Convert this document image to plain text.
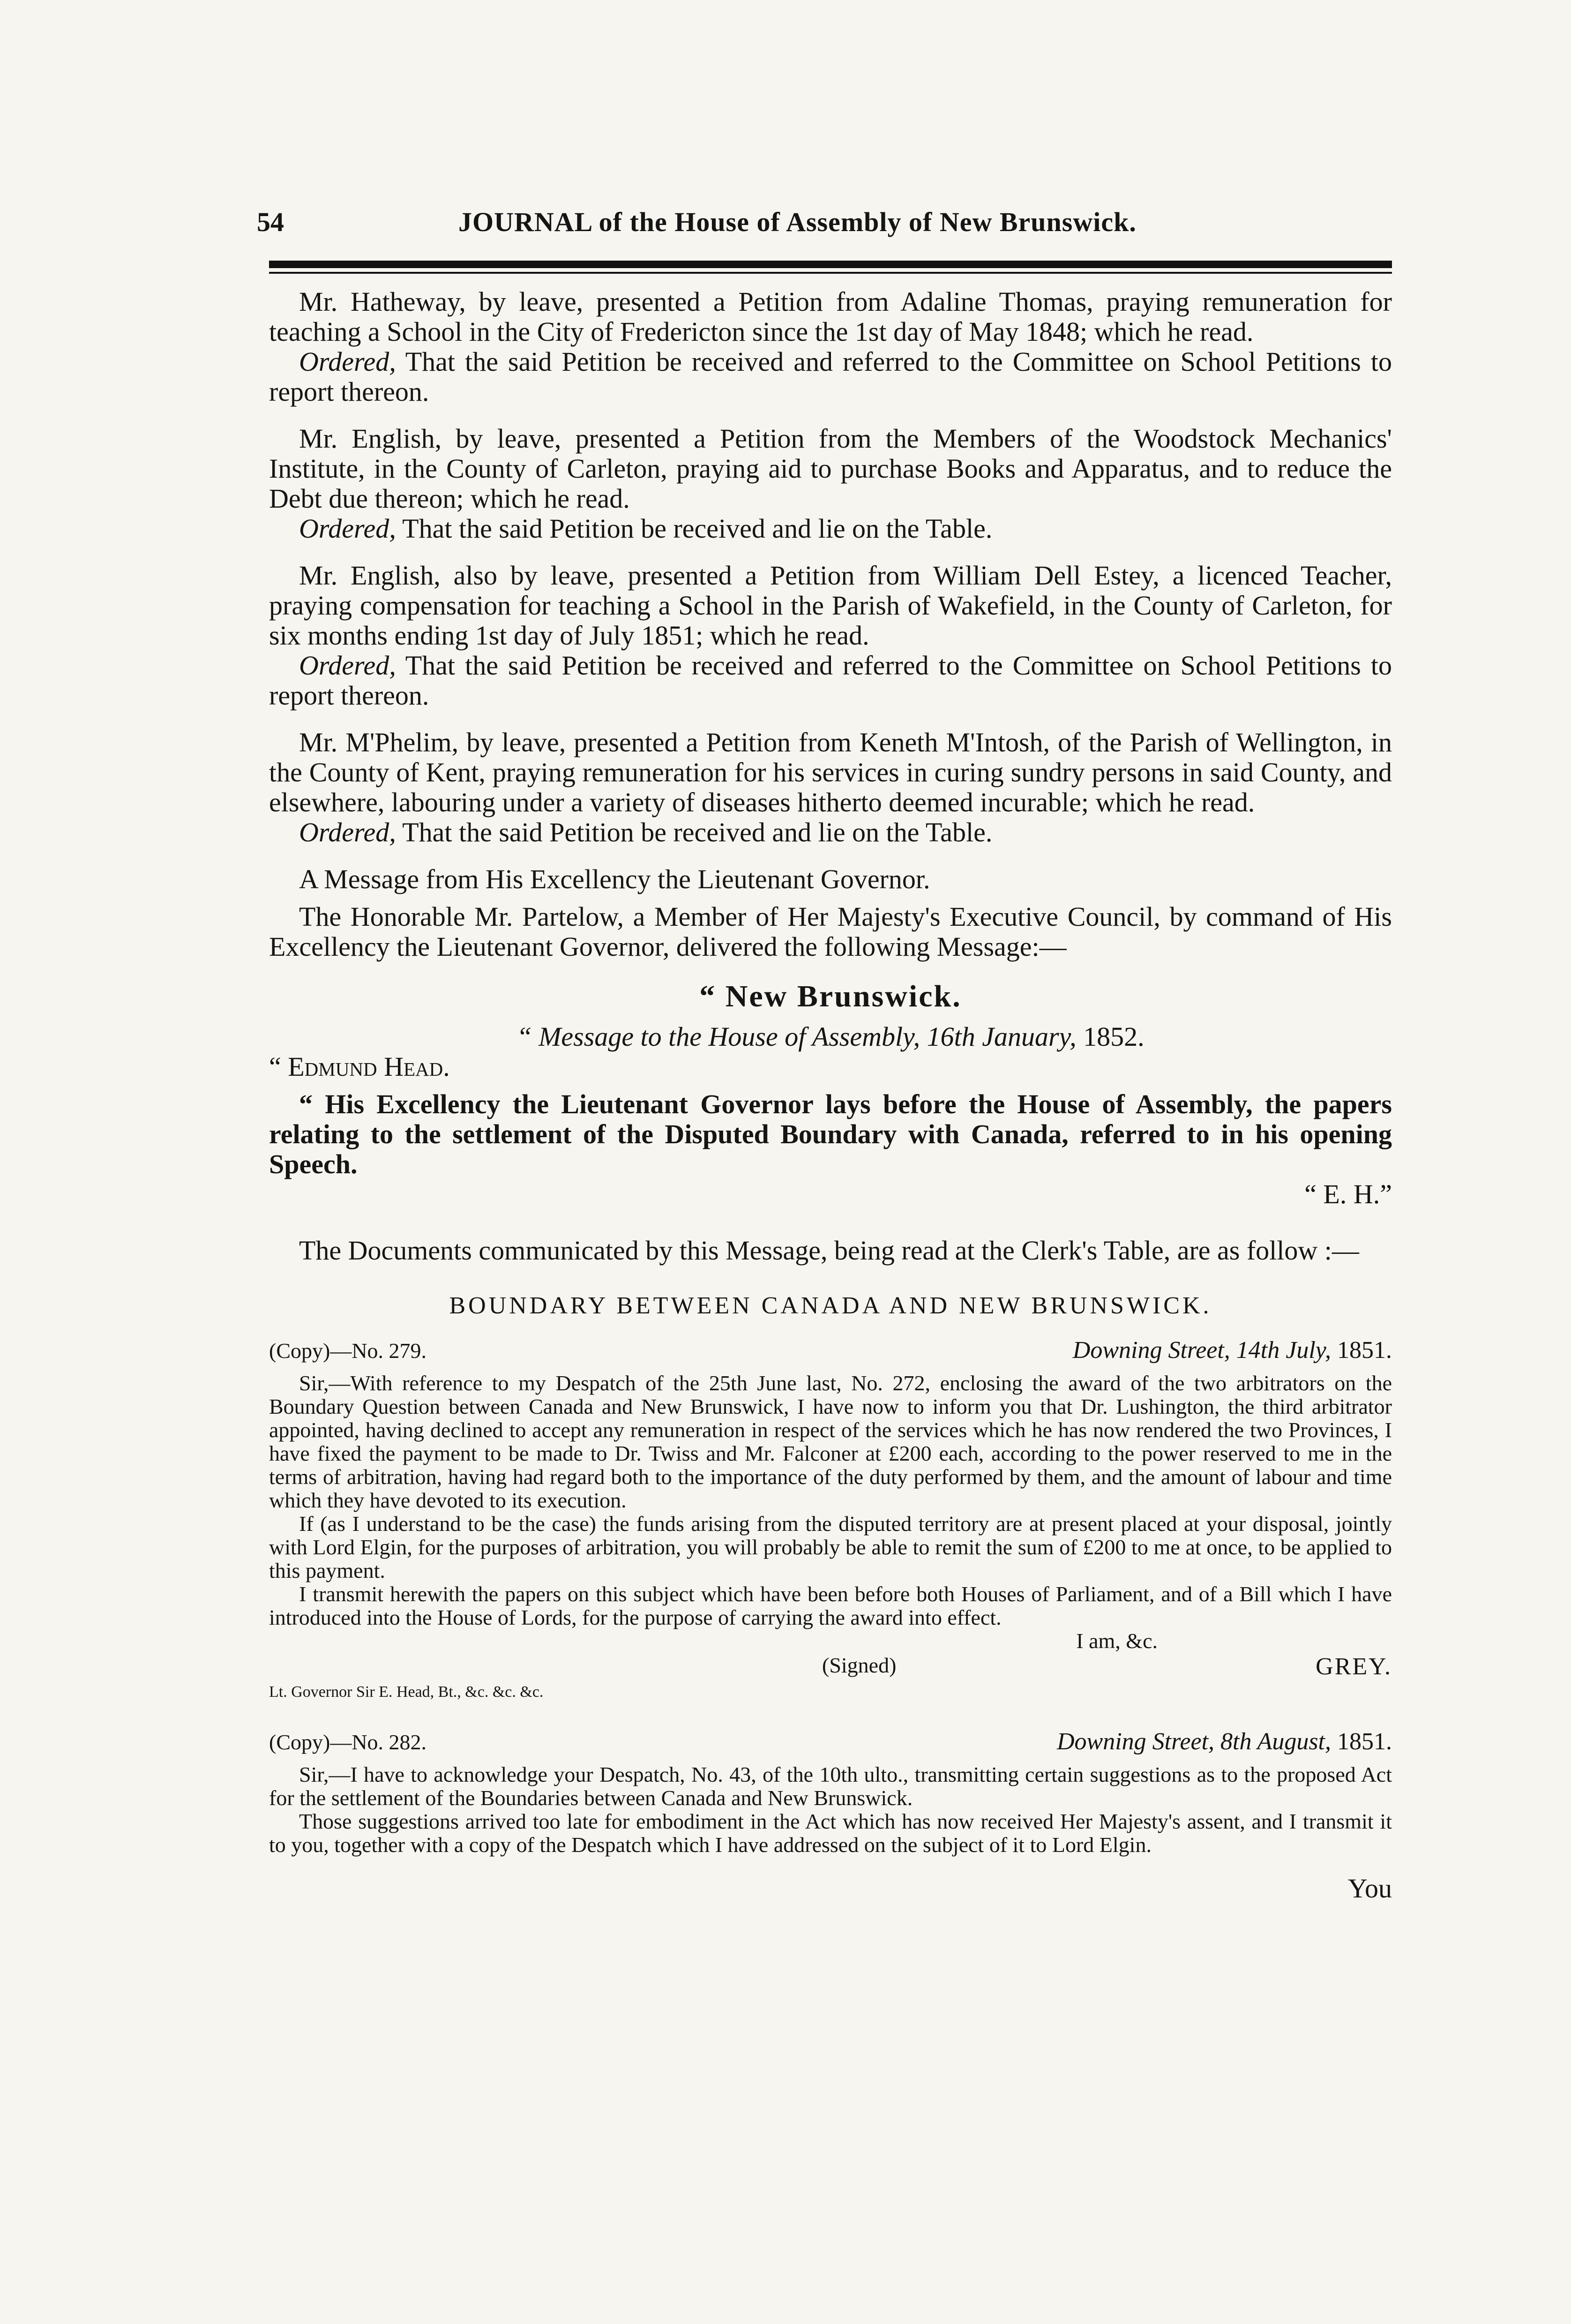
54	JOURNAL of the House of Assembly of New Brunswick.

Mr. Hatheway, by leave, presented a Petition from Adaline Thomas, praying remuneration for teaching a School in the City of Fredericton since the 1st day of May 1848; which he read.

Ordered, That the said Petition be received and referred to the Committee on School Petitions to report thereon.

Mr. English, by leave, presented a Petition from the Members of the Woodstock Mechanics' Institute, in the County of Carleton, praying aid to purchase Books and Apparatus, and to reduce the Debt due thereon; which he read.

Ordered, That the said Petition be received and lie on the Table.

Mr. English, also by leave, presented a Petition from William Dell Estey, a licenced Teacher, praying compensation for teaching a School in the Parish of Wakefield, in the County of Carleton, for six months ending 1st day of July 1851; which he read.

Ordered, That the said Petition be received and referred to the Committee on School Petitions to report thereon.

Mr. M'Phelim, by leave, presented a Petition from Keneth M'Intosh, of the Parish of Wellington, in the County of Kent, praying remuneration for his services in curing sundry persons in said County, and elsewhere, labouring under a variety of diseases hitherto deemed incurable; which he read.

Ordered, That the said Petition be received and lie on the Table.

A Message from His Excellency the Lieutenant Governor.

The Honorable Mr. Partelow, a Member of Her Majesty's Executive Council, by command of His Excellency the Lieutenant Governor, delivered the following Message:—

“ New Brunswick.

“ Message to the House of Assembly, 16th January, 1852.

“ Edmund Head.

“ His Excellency the Lieutenant Governor lays before the House of Assembly, the papers relating to the settlement of the Disputed Boundary with Canada, referred to in his opening Speech.

“ E. H.”

The Documents communicated by this Message, being read at the Clerk's Table, are as follow :—

BOUNDARY BETWEEN CANADA AND NEW BRUNSWICK.

(Copy)—No. 279.	Downing Street, 14th July, 1851.

Sir,—With reference to my Despatch of the 25th June last, No. 272, enclosing the award of the two arbitrators on the Boundary Question between Canada and New Brunswick, I have now to inform you that Dr. Lushington, the third arbitrator appointed, having declined to accept any remuneration in respect of the services which he has now rendered the two Provinces, I have fixed the payment to be made to Dr. Twiss and Mr. Falconer at £200 each, according to the power reserved to me in the terms of arbitration, having had regard both to the importance of the duty performed by them, and the amount of labour and time which they have devoted to its execution.

If (as I understand to be the case) the funds arising from the disputed territory are at present placed at your disposal, jointly with Lord Elgin, for the purposes of arbitration, you will probably be able to remit the sum of £200 to me at once, to be applied to this payment.

I transmit herewith the papers on this subject which have been before both Houses of Parliament, and of a Bill which I have introduced into the House of Lords, for the purpose of carrying the award into effect.

I am, &c.

(Signed)	GREY.

Lt. Governor Sir E. Head, Bt., &c. &c. &c.

(Copy)—No. 282.	Downing Street, 8th August, 1851.

Sir,—I have to acknowledge your Despatch, No. 43, of the 10th ulto., transmitting certain suggestions as to the proposed Act for the settlement of the Boundaries between Canada and New Brunswick.

Those suggestions arrived too late for embodiment in the Act which has now received Her Majesty's assent, and I transmit it to you, together with a copy of the Despatch which I have addressed on the subject of it to Lord Elgin.

You
